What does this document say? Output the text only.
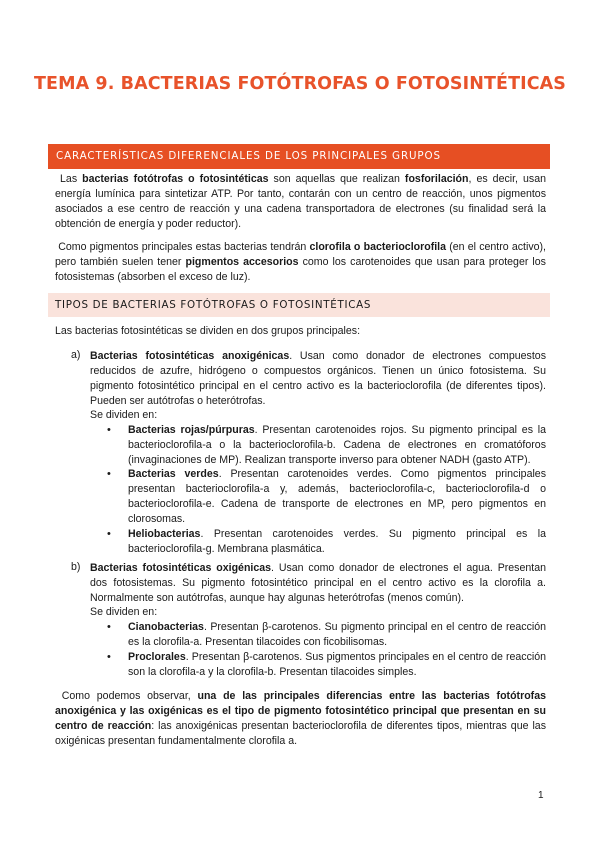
TEMA 9. BACTERIAS FOTÓTROFAS O FOTOSINTÉTICAS
CARACTERÍSTICAS DIFERENCIALES DE LOS PRINCIPALES GRUPOS

Las bacterias fotótrofas o fotosintéticas son aquellas que realizan fosforilación, es decir, usan energía lumínica para sintetizar ATP. Por tanto, contarán con un centro de reacción, unos pigmentos asociados a ese centro de reacción y una cadena transportadora de electrones (su finalidad será la obtención de energía y poder reductor).

Como pigmentos principales estas bacterias tendrán clorofila o bacterioclorofila (en el centro activo), pero también suelen tener pigmentos accesorios como los carotenoides que usan para proteger los fotosistemas (absorben el exceso de luz).

TIPOS DE BACTERIAS FOTÓTROFAS O FOTOSINTÉTICAS

Las bacterias fotosintéticas se dividen en dos grupos principales:

a) Bacterias fotosintéticas anoxigénicas. Usan como donador de electrones compuestos reducidos de azufre, hidrógeno o compuestos orgánicos. Tienen un único fotosistema. Su pigmento fotosintético principal en el centro activo es la bacterioclorofila (de diferentes tipos). Pueden ser autótrofas o heterótrofas.

Se dividen en:

• Bacterias rojas/púrpuras. Presentan carotenoides rojos. Su pigmento principal es la bacterioclorofila-a o la bacterioclorofila-b. Cadena de electrones en cromatóforos (invaginaciones de MP). Realizan transporte inverso para obtener NADH (gasto ATP).

• Bacterias verdes. Presentan carotenoides verdes. Como pigmentos principales presentan bacterioclorofila-a y, además, bacterioclorofila-c, bacterioclorofila-d o bacterioclorofila-e. Cadena de transporte de electrones en MP, pero pigmentos en clorosomas.

• Heliobacterias. Presentan carotenoides verdes. Su pigmento principal es la bacterioclorofila-g. Membrana plasmática.

b) Bacterias fotosintéticas oxigénicas. Usan como donador de electrones el agua. Presentan dos fotosistemas. Su pigmento fotosintético principal en el centro activo es la clorofila a. Normalmente son autótrofas, aunque hay algunas heterótrofas (menos común).

Se dividen en:

• Cianobacterias. Presentan β-carotenos. Su pigmento principal en el centro de reacción es la clorofila-a. Presentan tilacoides con ficobilisomas.

• Proclorales. Presentan β-carotenos. Sus pigmentos principales en el centro de reacción son la clorofila-a y la clorofila-b. Presentan tilacoides simples.

Como podemos observar, una de las principales diferencias entre las bacterias fotótrofas anoxigénica y las oxigénicas es el tipo de pigmento fotosintético principal que presentan en su centro de reacción: las anoxigénicas presentan bacterioclorofila de diferentes tipos, mientras que las oxigénicas presentan fundamentalmente clorofila a.

1
